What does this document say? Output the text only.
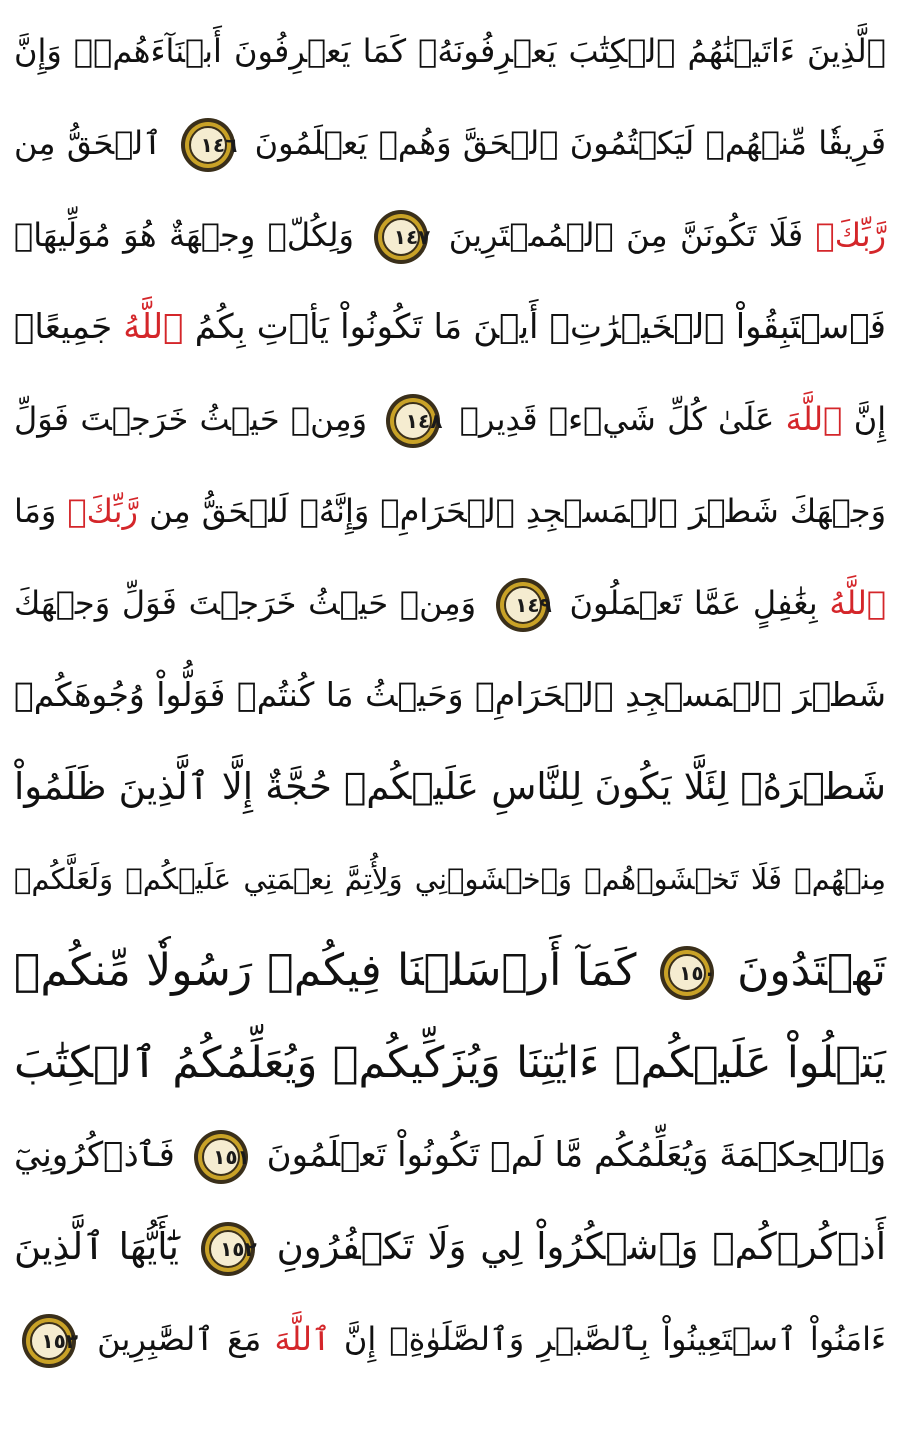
ٱلَّذِينَ ءَاتَيۡنَٰهُمُ ٱلۡكِتَٰبَ يَعۡرِفُونَهُۥ كَمَا يَعۡرِفُونَ أَبۡنَآءَهُمۡۖ وَإِنَّ
فَرِيقٗا مِّنۡهُمۡ لَيَكۡتُمُونَ ٱلۡحَقَّ وَهُمۡ يَعۡلَمُونَ
١٤٦
ٱلۡحَقُّ مِن
رَّبِّكَۖ فَلَا تَكُونَنَّ مِنَ ٱلۡمُمۡتَرِينَ
١٤٧
وَلِكُلّٖ وِجۡهَةٌ هُوَ مُوَلِّيهَاۖ
فَٱسۡتَبِقُواْ ٱلۡخَيۡرَٰتِۚ أَيۡنَ مَا تَكُونُواْ يَأۡتِ بِكُمُ ٱللَّهُ جَمِيعًاۚ
إِنَّ ٱللَّهَ عَلَىٰ كُلِّ شَيۡءٖ قَدِيرٞ
١٤٨
وَمِنۡ حَيۡثُ خَرَجۡتَ فَوَلِّ
وَجۡهَكَ شَطۡرَ ٱلۡمَسۡجِدِ ٱلۡحَرَامِۖ وَإِنَّهُۥ لَلۡحَقُّ مِن رَّبِّكَۗ وَمَا
ٱللَّهُ بِغَٰفِلٍ عَمَّا تَعۡمَلُونَ
١٤٩
وَمِنۡ حَيۡثُ خَرَجۡتَ فَوَلِّ وَجۡهَكَ
شَطۡرَ ٱلۡمَسۡجِدِ ٱلۡحَرَامِۚ وَحَيۡثُ مَا كُنتُمۡ فَوَلُّواْ وُجُوهَكُمۡ
شَطۡرَهُۥ لِئَلَّا يَكُونَ لِلنَّاسِ عَلَيۡكُمۡ حُجَّةٌ إِلَّا ٱلَّذِينَ ظَلَمُواْ
مِنۡهُمۡ فَلَا تَخۡشَوۡهُمۡ وَٱخۡشَوۡنِي وَلِأُتِمَّ نِعۡمَتِي عَلَيۡكُمۡ وَلَعَلَّكُمۡ
تَهۡتَدُونَ
١٥٠
كَمَآ أَرۡسَلۡنَا فِيكُمۡ رَسُولٗا مِّنكُمۡ
يَتۡلُواْ عَلَيۡكُمۡ ءَايَٰتِنَا وَيُزَكِّيكُمۡ وَيُعَلِّمُكُمُ ٱلۡكِتَٰبَ
وَٱلۡحِكۡمَةَ وَيُعَلِّمُكُم مَّا لَمۡ تَكُونُواْ تَعۡلَمُونَ
١٥١
فَٱذۡكُرُونِيٓ
أَذۡكُرۡكُمۡ وَٱشۡكُرُواْ لِي وَلَا تَكۡفُرُونِ
١٥٢
يَٰٓأَيُّهَا ٱلَّذِينَ
ءَامَنُواْ ٱسۡتَعِينُواْ بِٱلصَّبۡرِ وَٱلصَّلَوٰةِۚ إِنَّ ٱللَّهَ مَعَ ٱلصَّٰبِرِينَ
١٥٣
